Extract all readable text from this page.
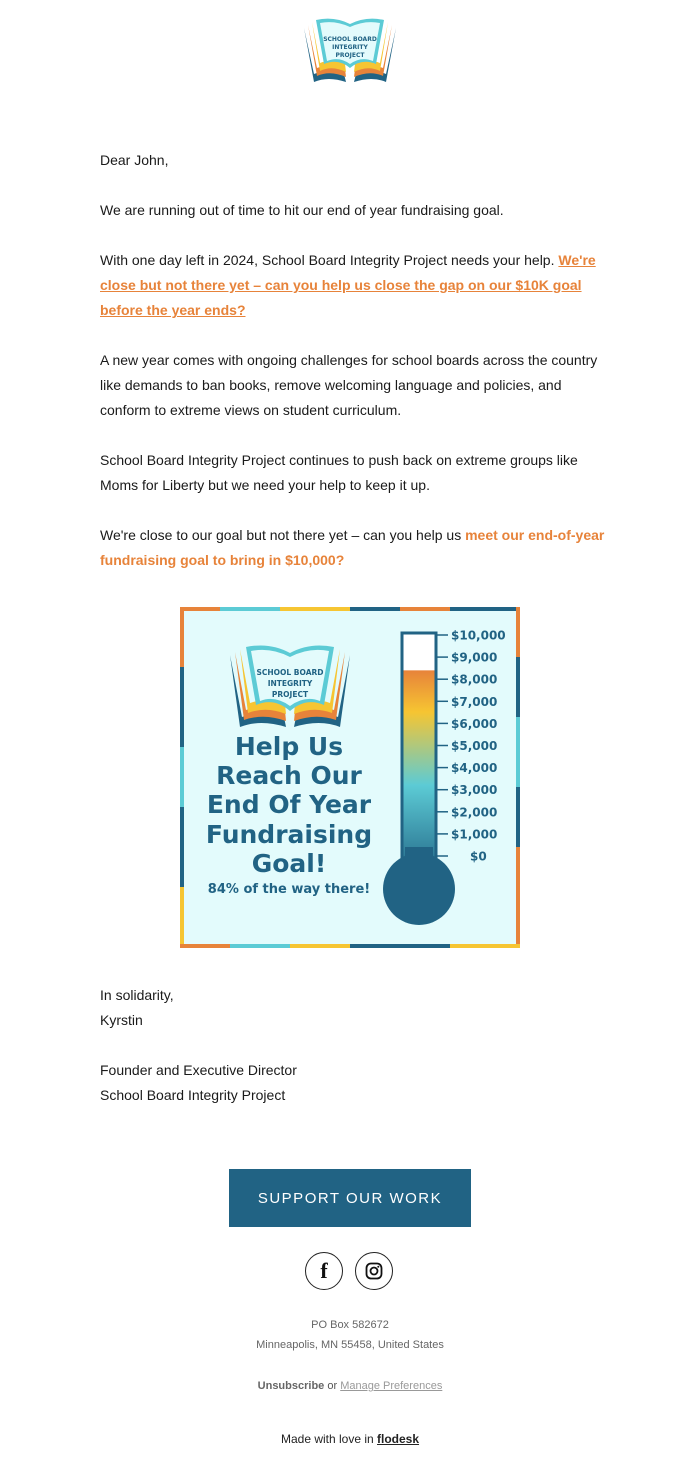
SCHOOL BOARD
INTEGRITY
PROJECT

Dear John,

We are running out of time to hit our end of year fundraising goal.

With one day left in 2024, School Board Integrity Project needs your help. We're close but not there yet – can you help us close the gap on our $10K goal before the year ends?

A new year comes with ongoing challenges for school boards across the country like demands to ban books, remove welcoming language and policies, and conform to extreme views on student curriculum.

School Board Integrity Project continues to push back on extreme groups like Moms for Liberty but we need your help to keep it up.

We're close to our goal but not there yet – can you help us meet our end-of-year fundraising goal to bring in $10,000?

SCHOOL BOARD
INTEGRITY
PROJECT
Help Us
Reach Our
End Of Year
Fundraising
Goal!
84% of the way there!
$10,000
$9,000
$8,000
$7,000
$6,000
$5,000
$4,000
$3,000
$2,000
$1,000
$0

In solidarity,
Kyrstin

Founder and Executive Director
School Board Integrity Project

SUPPORT OUR WORK
f
PO Box 582672
Minneapolis, MN 55458, United States
Unsubscribe or Manage Preferences
Made with love in flodesk
